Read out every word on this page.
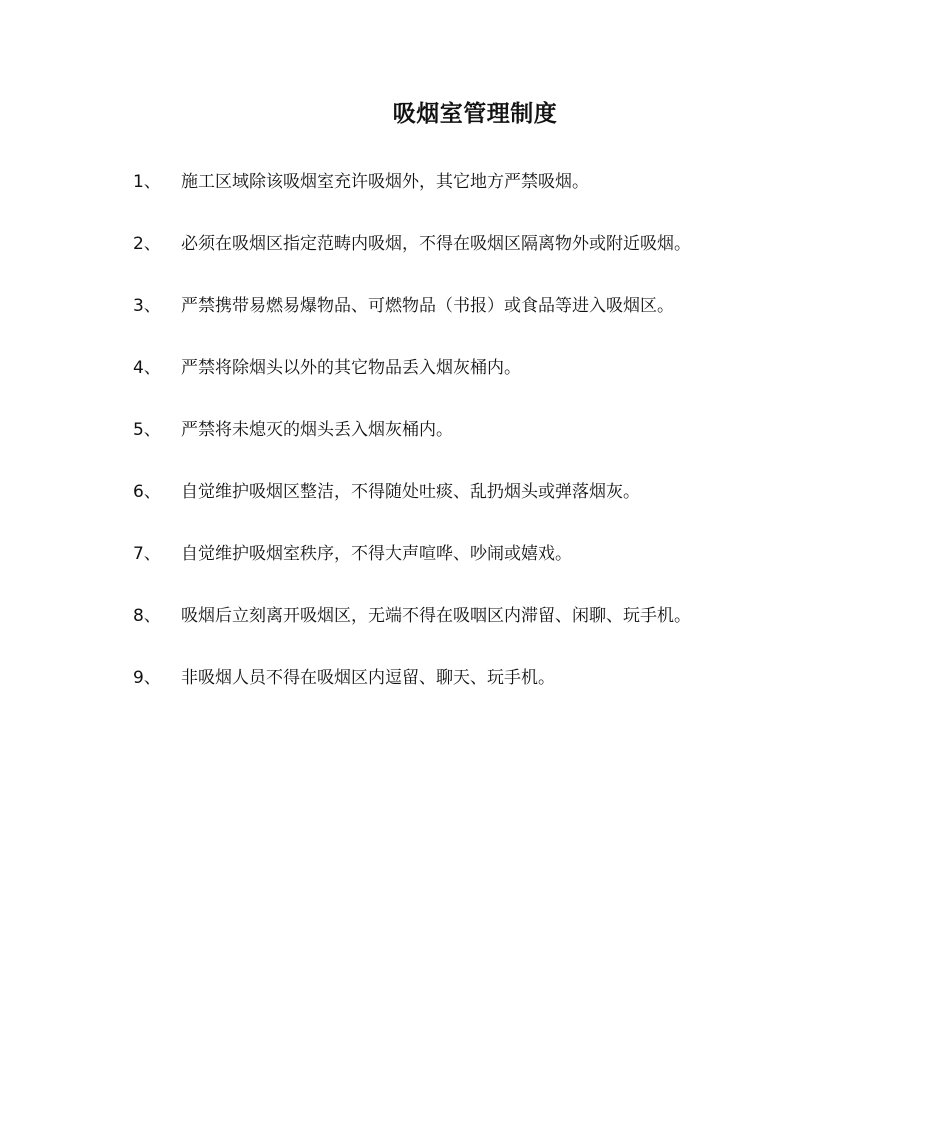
吸烟室管理制度
1、 施工区域除该吸烟室充许吸烟外，其它地方严禁吸烟。
2、 必须在吸烟区指定范畴内吸烟，不得在吸烟区隔离物外或附近吸烟。
3、 严禁携带易燃易爆物品、可燃物品（书报）或食品等进入吸烟区。
4、 严禁将除烟头以外的其它物品丢入烟灰桶内。
5、 严禁将未熄灭的烟头丢入烟灰桶内。
6、 自觉维护吸烟区整洁，不得随处吐痰、乱扔烟头或弹落烟灰。
7、 自觉维护吸烟室秩序，不得大声喧哗、吵闹或嬉戏。
8、 吸烟后立刻离开吸烟区，无端不得在吸咽区内滞留、闲聊、玩手机。
9、 非吸烟人员不得在吸烟区内逗留、聊天、玩手机。
